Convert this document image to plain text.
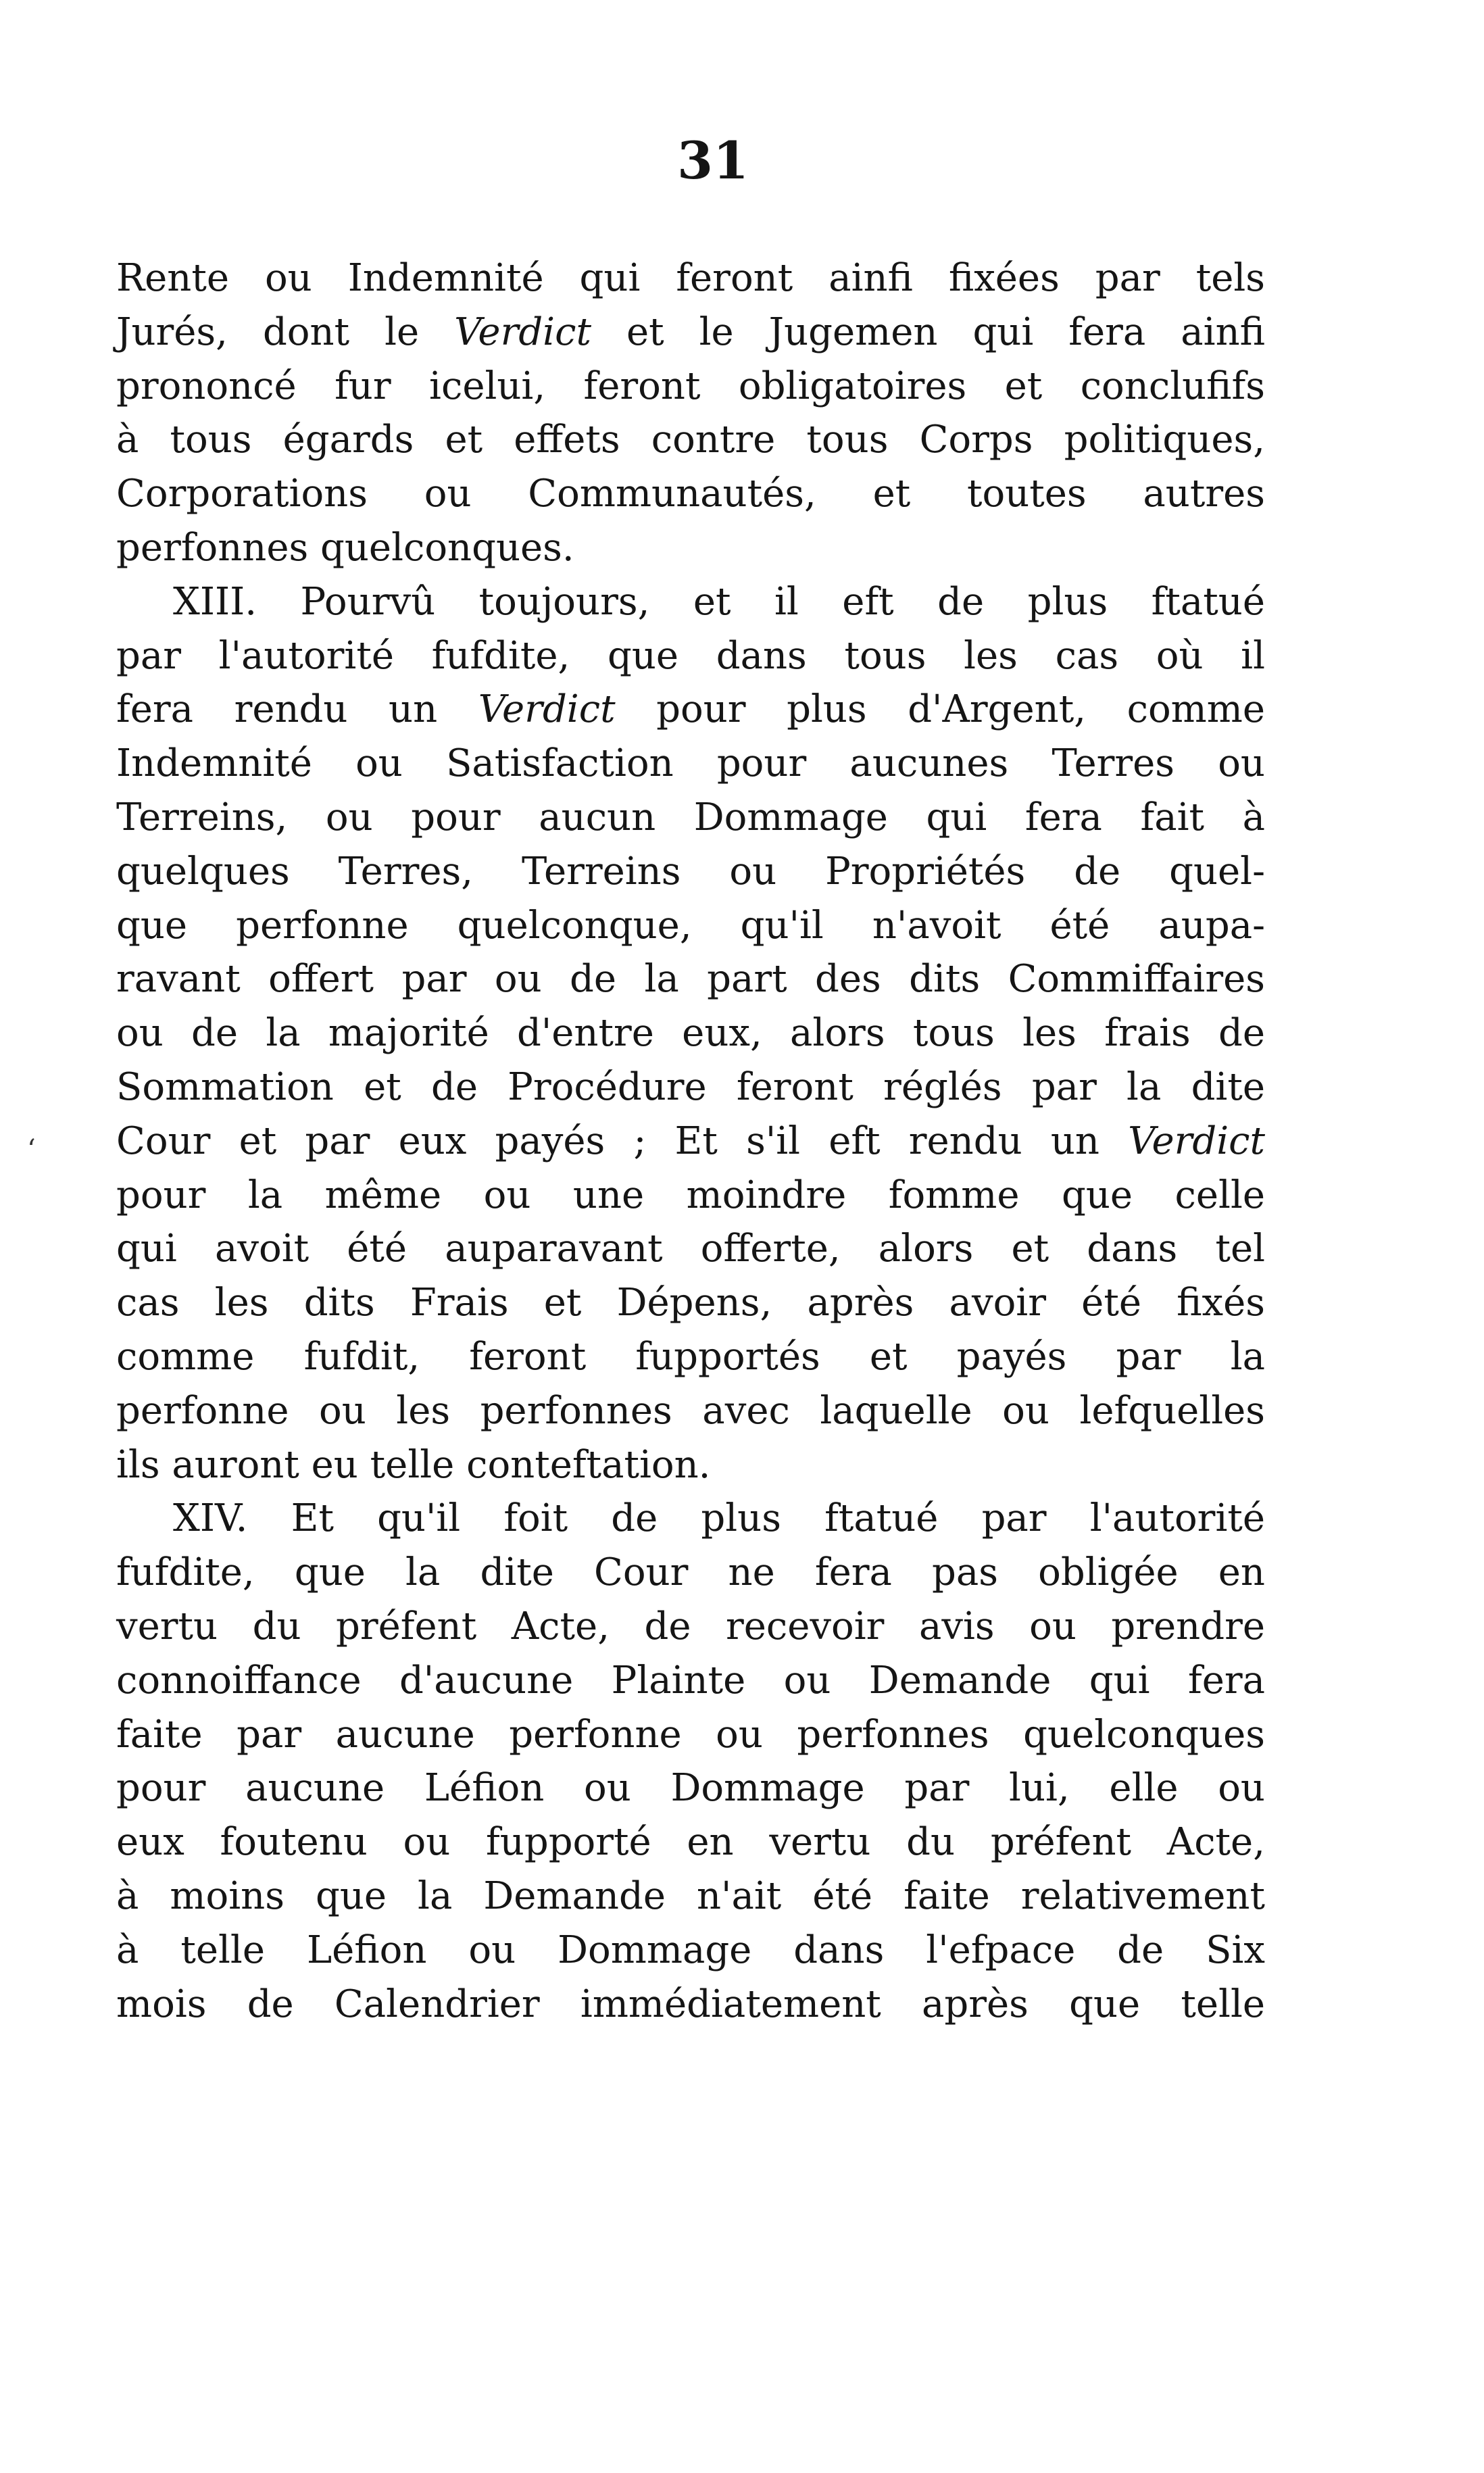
31
‘
Rente ou Indemnité qui feront ainfi fixées par tels
Jurés, dont le Verdict et le Jugemen qui fera ainfi
prononcé fur icelui, feront obligatoires et conclufifs
à tous égards et effets contre tous Corps politiques,
Corporations ou Communautés, et toutes autres
perfonnes quelconques.
XIII. Pourvû toujours, et il eft de plus ftatué
par l'autorité fufdite, que dans tous les cas où il
fera rendu un Verdict pour plus d'Argent, comme
Indemnité ou Satisfaction pour aucunes Terres ou
Terreins, ou pour aucun Dommage qui fera fait à
quelques Terres, Terreins ou Propriétés de quel-
que perfonne quelconque, qu'il n'avoit été aupa-
ravant offert par ou de la part des dits Commiffaires
ou de la majorité d'entre eux, alors tous les frais de
Sommation et de Procédure feront réglés par la dite
Cour et par eux payés ; Et s'il eft rendu un Verdict
pour la même ou une moindre fomme que celle
qui avoit été auparavant offerte, alors et dans tel
cas les dits Frais et Dépens, après avoir été fixés
comme fufdit, feront fupportés et payés par la
perfonne ou les perfonnes avec laquelle ou lefquelles
ils auront eu telle conteftation.
XIV. Et qu'il foit de plus ftatué par l'autorité
fufdite, que la dite Cour ne fera pas obligée en
vertu du préfent Acte, de recevoir avis ou prendre
connoiffance d'aucune Plainte ou Demande qui fera
faite par aucune perfonne ou perfonnes quelconques
pour aucune Léfion ou Dommage par lui, elle ou
eux foutenu ou fupporté en vertu du préfent Acte,
à moins que la Demande n'ait été faite relativement
à telle Léfion ou Dommage dans l'efpace de Six
mois de Calendrier immédiatement après que telle
